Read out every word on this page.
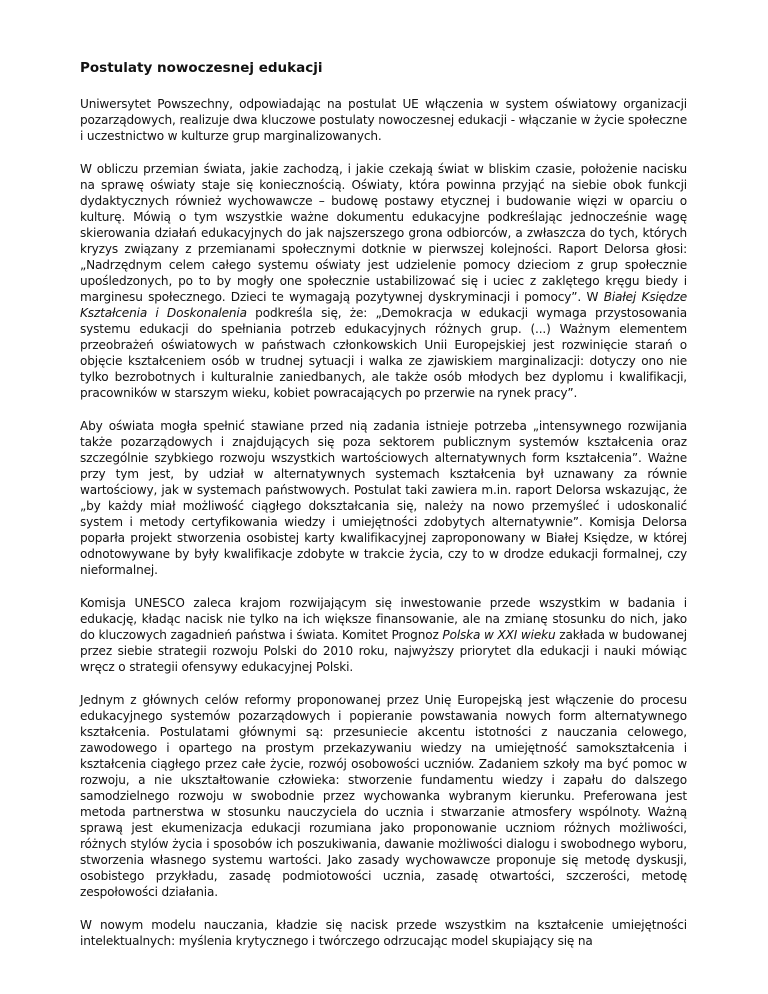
Postulaty nowoczesnej edukacji

Uniwersytet Powszechny, odpowiadając na postulat UE włączenia w system oświatowy organizacji pozarządowych, realizuje dwa kluczowe postulaty nowoczesnej edukacji - włączanie w życie społeczne i uczestnictwo w kulturze grup marginalizowanych.

W obliczu przemian świata, jakie zachodzą, i jakie czekają świat w bliskim czasie, położenie nacisku na sprawę oświaty staje się koniecznością. Oświaty, która powinna przyjąć na siebie obok funkcji dydaktycznych również wychowawcze – budowę postawy etycznej i budowanie więzi w oparciu o kulturę. Mówią o tym wszystkie ważne dokumentu edukacyjne podkreślając jednocześnie wagę skierowania działań edukacyjnych do jak najszerszego grona odbiorców, a zwłaszcza do tych, których kryzys związany z przemianami społecznymi dotknie w pierwszej kolejności. Raport Delorsa głosi: „Nadrzędnym celem całego systemu oświaty jest udzielenie pomocy dzieciom z grup społecznie upośledzonych, po to by mogły one społecznie ustabilizować się i uciec z zaklętego kręgu biedy i marginesu społecznego. Dzieci te wymagają pozytywnej dyskryminacji i pomocy”. W Białej Księdze Kształcenia i Doskonalenia podkreśla się, że: „Demokracja w edukacji wymaga przystosowania systemu edukacji do spełniania potrzeb edukacyjnych różnych grup. (...) Ważnym elementem przeobrażeń oświatowych w państwach członkowskich Unii Europejskiej jest rozwinięcie starań o objęcie kształceniem osób w trudnej sytuacji i walka ze zjawiskiem marginalizacji: dotyczy ono nie tylko bezrobotnych i kulturalnie zaniedbanych, ale także osób młodych bez dyplomu i kwalifikacji, pracowników w starszym wieku, kobiet powracających po przerwie na rynek pracy”.

Aby oświata mogła spełnić stawiane przed nią zadania istnieje potrzeba „intensywnego rozwijania także pozarządowych i znajdujących się poza sektorem publicznym systemów kształcenia oraz szczególnie szybkiego rozwoju wszystkich wartościowych alternatywnych form kształcenia”. Ważne przy tym jest, by udział w alternatywnych systemach kształcenia był uznawany za równie wartościowy, jak w systemach państwowych. Postulat taki zawiera m.in. raport Delorsa wskazując, że „by każdy miał możliwość ciągłego dokształcania się, należy na nowo przemyśleć i udoskonalić system i metody certyfikowania wiedzy i umiejętności zdobytych alternatywnie”. Komisja Delorsa poparła projekt stworzenia osobistej karty kwalifikacyjnej zaproponowany w Białej Księdze, w której odnotowywane by były kwalifikacje zdobyte w trakcie życia, czy to w drodze edukacji formalnej, czy nieformalnej.

Komisja UNESCO zaleca krajom rozwijającym się inwestowanie przede wszystkim w badania i edukację, kładąc nacisk nie tylko na ich większe finansowanie, ale na zmianę stosunku do nich, jako do kluczowych zagadnień państwa i świata. Komitet Prognoz Polska w XXI wieku zakłada w budowanej przez siebie strategii rozwoju Polski do 2010 roku, najwyższy priorytet dla edukacji i nauki mówiąc wręcz o strategii ofensywy edukacyjnej Polski.

Jednym z głównych celów reformy proponowanej przez Unię Europejską jest włączenie do procesu edukacyjnego systemów pozarządowych i popieranie powstawania nowych form alternatywnego kształcenia. Postulatami głównymi są: przesuniecie akcentu istotności z nauczania celowego, zawodowego i opartego na prostym przekazywaniu wiedzy na umiejętność samokształcenia i kształcenia ciągłego przez całe życie, rozwój osobowości uczniów. Zadaniem szkoły ma być pomoc w rozwoju, a nie ukształtowanie człowieka: stworzenie fundamentu wiedzy i zapału do dalszego samodzielnego rozwoju w swobodnie przez wychowanka wybranym kierunku. Preferowana jest metoda partnerstwa w stosunku nauczyciela do ucznia i stwarzanie atmosfery wspólnoty. Ważną sprawą jest ekumenizacja edukacji rozumiana jako proponowanie uczniom różnych możliwości, różnych stylów życia i sposobów ich poszukiwania, dawanie możliwości dialogu i swobodnego wyboru, stworzenia własnego systemu wartości. Jako zasady wychowawcze proponuje się metodę dyskusji, osobistego przykładu, zasadę podmiotowości ucznia, zasadę otwartości, szczerości, metodę zespołowości działania.

W nowym modelu nauczania, kładzie się nacisk przede wszystkim na kształcenie umiejętności intelektualnych: myślenia krytycznego i twórczego odrzucając model skupiający się na
